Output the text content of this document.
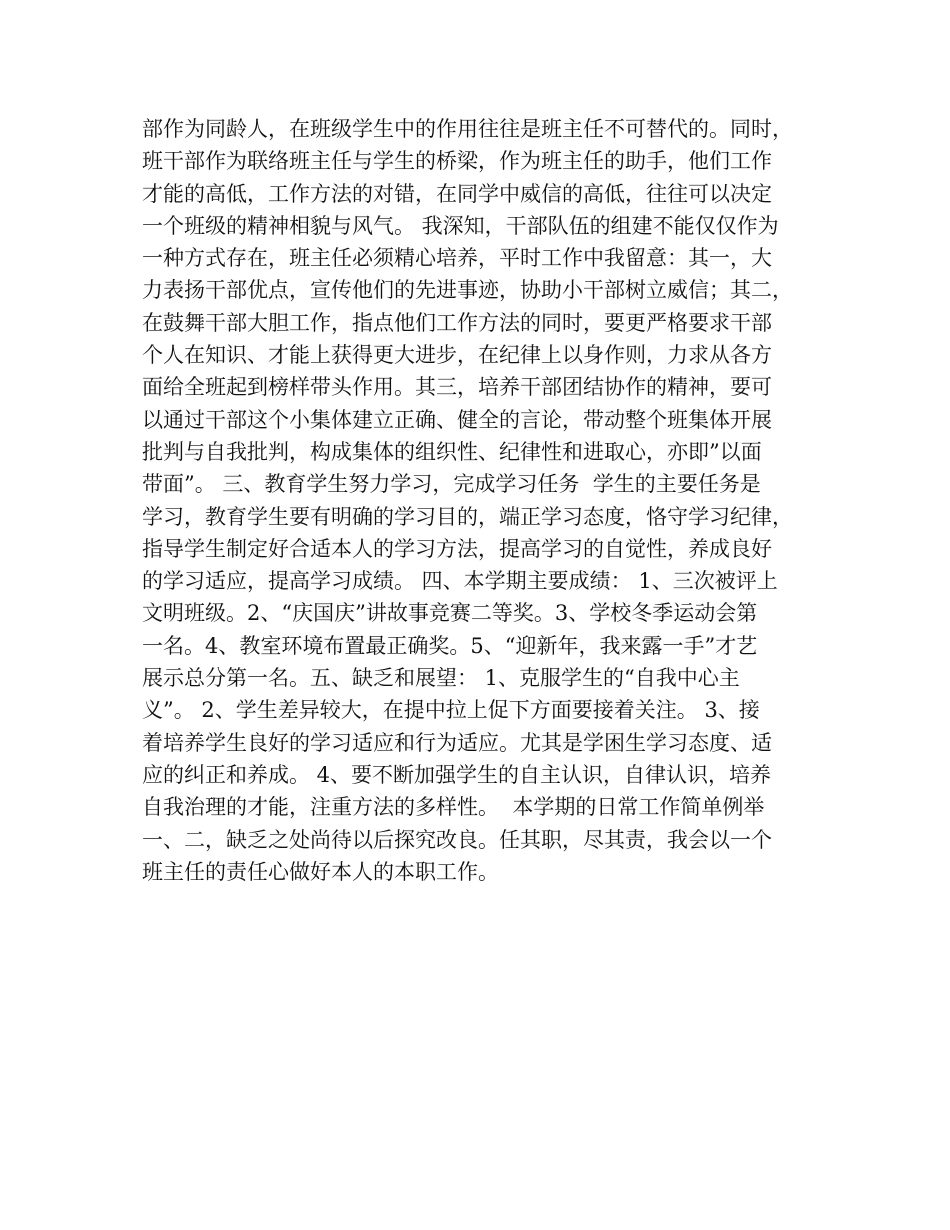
部作为同龄人，在班级学生中的作用往往是班主任不可替代的。同时，
班干部作为联络班主任与学生的桥梁，作为班主任的助手，他们工作
才能的高低，工作方法的对错，在同学中威信的高低，往往可以决定
一个班级的精神相貌与风气。 我深知，干部队伍的组建不能仅仅作为
一种方式存在，班主任必须精心培养，平时工作中我留意：其一，大
力表扬干部优点，宣传他们的先进事迹，协助小干部树立威信；其二，
在鼓舞干部大胆工作，指点他们工作方法的同时，要更严格要求干部
个人在知识、才能上获得更大进步，在纪律上以身作则，力求从各方
面给全班起到榜样带头作用。其三，培养干部团结协作的精神，要可
以通过干部这个小集体建立正确、健全的言论，带动整个班集体开展
批判与自我批判，构成集体的组织性、纪律性和进取心，亦即”以面
带面”。 三、教育学生努力学习，完成学习任务  学生的主要任务是
学习，教育学生要有明确的学习目的，端正学习态度，恪守学习纪律，
指导学生制定好合适本人的学习方法，提高学习的自觉性，养成良好
的学习适应，提高学习成绩。 四、本学期主要成绩： 1、三次被评上
文明班级。2、“庆国庆”讲故事竞赛二等奖。3、学校冬季运动会第
一名。4、教室环境布置最正确奖。5、“迎新年，我来露一手”才艺
展示总分第一名。五、缺乏和展望： 1、克服学生的“自我中心主
义”。 2、学生差异较大，在提中拉上促下方面要接着关注。 3、接
着培养学生良好的学习适应和行为适应。尤其是学困生学习态度、适
应的纠正和养成。 4、要不断加强学生的自主认识，自律认识，培养
自我治理的才能，注重方法的多样性。  本学期的日常工作简单例举
一、二，缺乏之处尚待以后探究改良。任其职，尽其责，我会以一个
班主任的责任心做好本人的本职工作。
